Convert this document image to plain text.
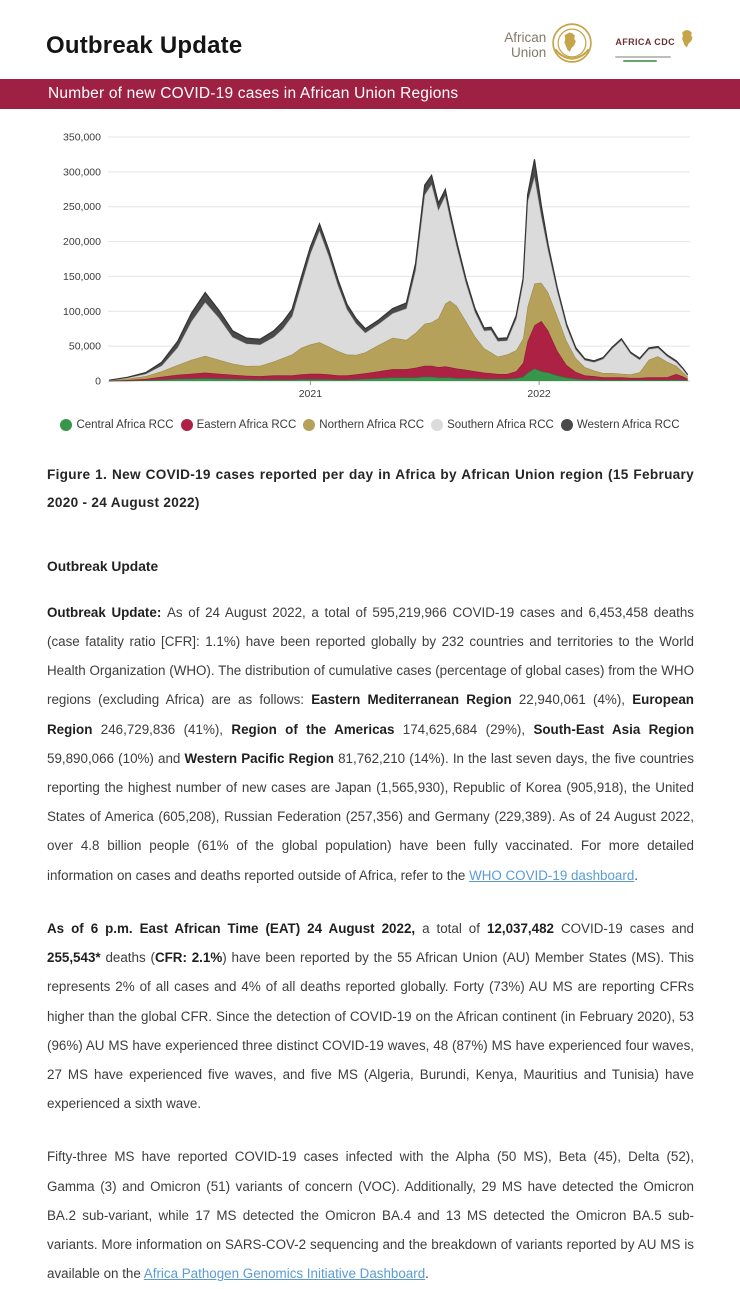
Outbreak Update	African
Union
AFRICA CDC
Number of new COVID-19 cases in African Union Regions
0
50,000
100,000
150,000
200,000
250,000
300,000
350,000
2021	2022
Central Africa RCC Eastern Africa RCC Northern Africa RCC Southern Africa RCC Western Africa RCC
Figure 1. New COVID-19 cases reported per day in Africa by African Union region (15 February 2020 - 24 August 2022)
Outbreak Update

Outbreak Update: As of 24 August 2022, a total of 595,219,966 COVID-19 cases and 6,453,458 deaths (case fatality ratio [CFR]: 1.1%) have been reported globally by 232 countries and territories to the World Health Organization (WHO). The distribution of cumulative cases (percentage of global cases) from the WHO regions (excluding Africa) are as follows: Eastern Mediterranean Region 22,940,061 (4%), European Region 246,729,836 (41%), Region of the Americas 174,625,684 (29%), South-East Asia Region 59,890,066 (10%) and Western Pacific Region 81,762,210 (14%). In the last seven days, the five countries reporting the highest number of new cases are Japan (1,565,930), Republic of Korea (905,918), the United States of America (605,208), Russian Federation (257,356) and Germany (229,389). As of 24 August 2022, over 4.8 billion people (61% of the global population) have been fully vaccinated. For more detailed information on cases and deaths reported outside of Africa, refer to the WHO COVID-19 dashboard.

As of 6 p.m. East African Time (EAT) 24 August 2022, a total of 12,037,482 COVID-19 cases and 255,543* deaths (CFR: 2.1%) have been reported by the 55 African Union (AU) Member States (MS). This represents 2% of all cases and 4% of all deaths reported globally. Forty (73%) AU MS are reporting CFRs higher than the global CFR. Since the detection of COVID-19 on the African continent (in February 2020), 53 (96%) AU MS have experienced three distinct COVID-19 waves, 48 (87%) MS have experienced four waves, 27 MS have experienced five waves, and five MS (Algeria, Burundi, Kenya, Mauritius and Tunisia) have experienced a sixth wave.

Fifty-three MS have reported COVID-19 cases infected with the Alpha (50 MS), Beta (45), Delta (52), Gamma (3) and Omicron (51) variants of concern (VOC). Additionally, 29 MS have detected the Omicron BA.2 sub-variant, while 17 MS detected the Omicron BA.4 and 13 MS detected the Omicron BA.5 sub-variants. More information on SARS-COV-2 sequencing and the breakdown of variants reported by AU MS is available on the Africa Pathogen Genomics Initiative Dashboard.
